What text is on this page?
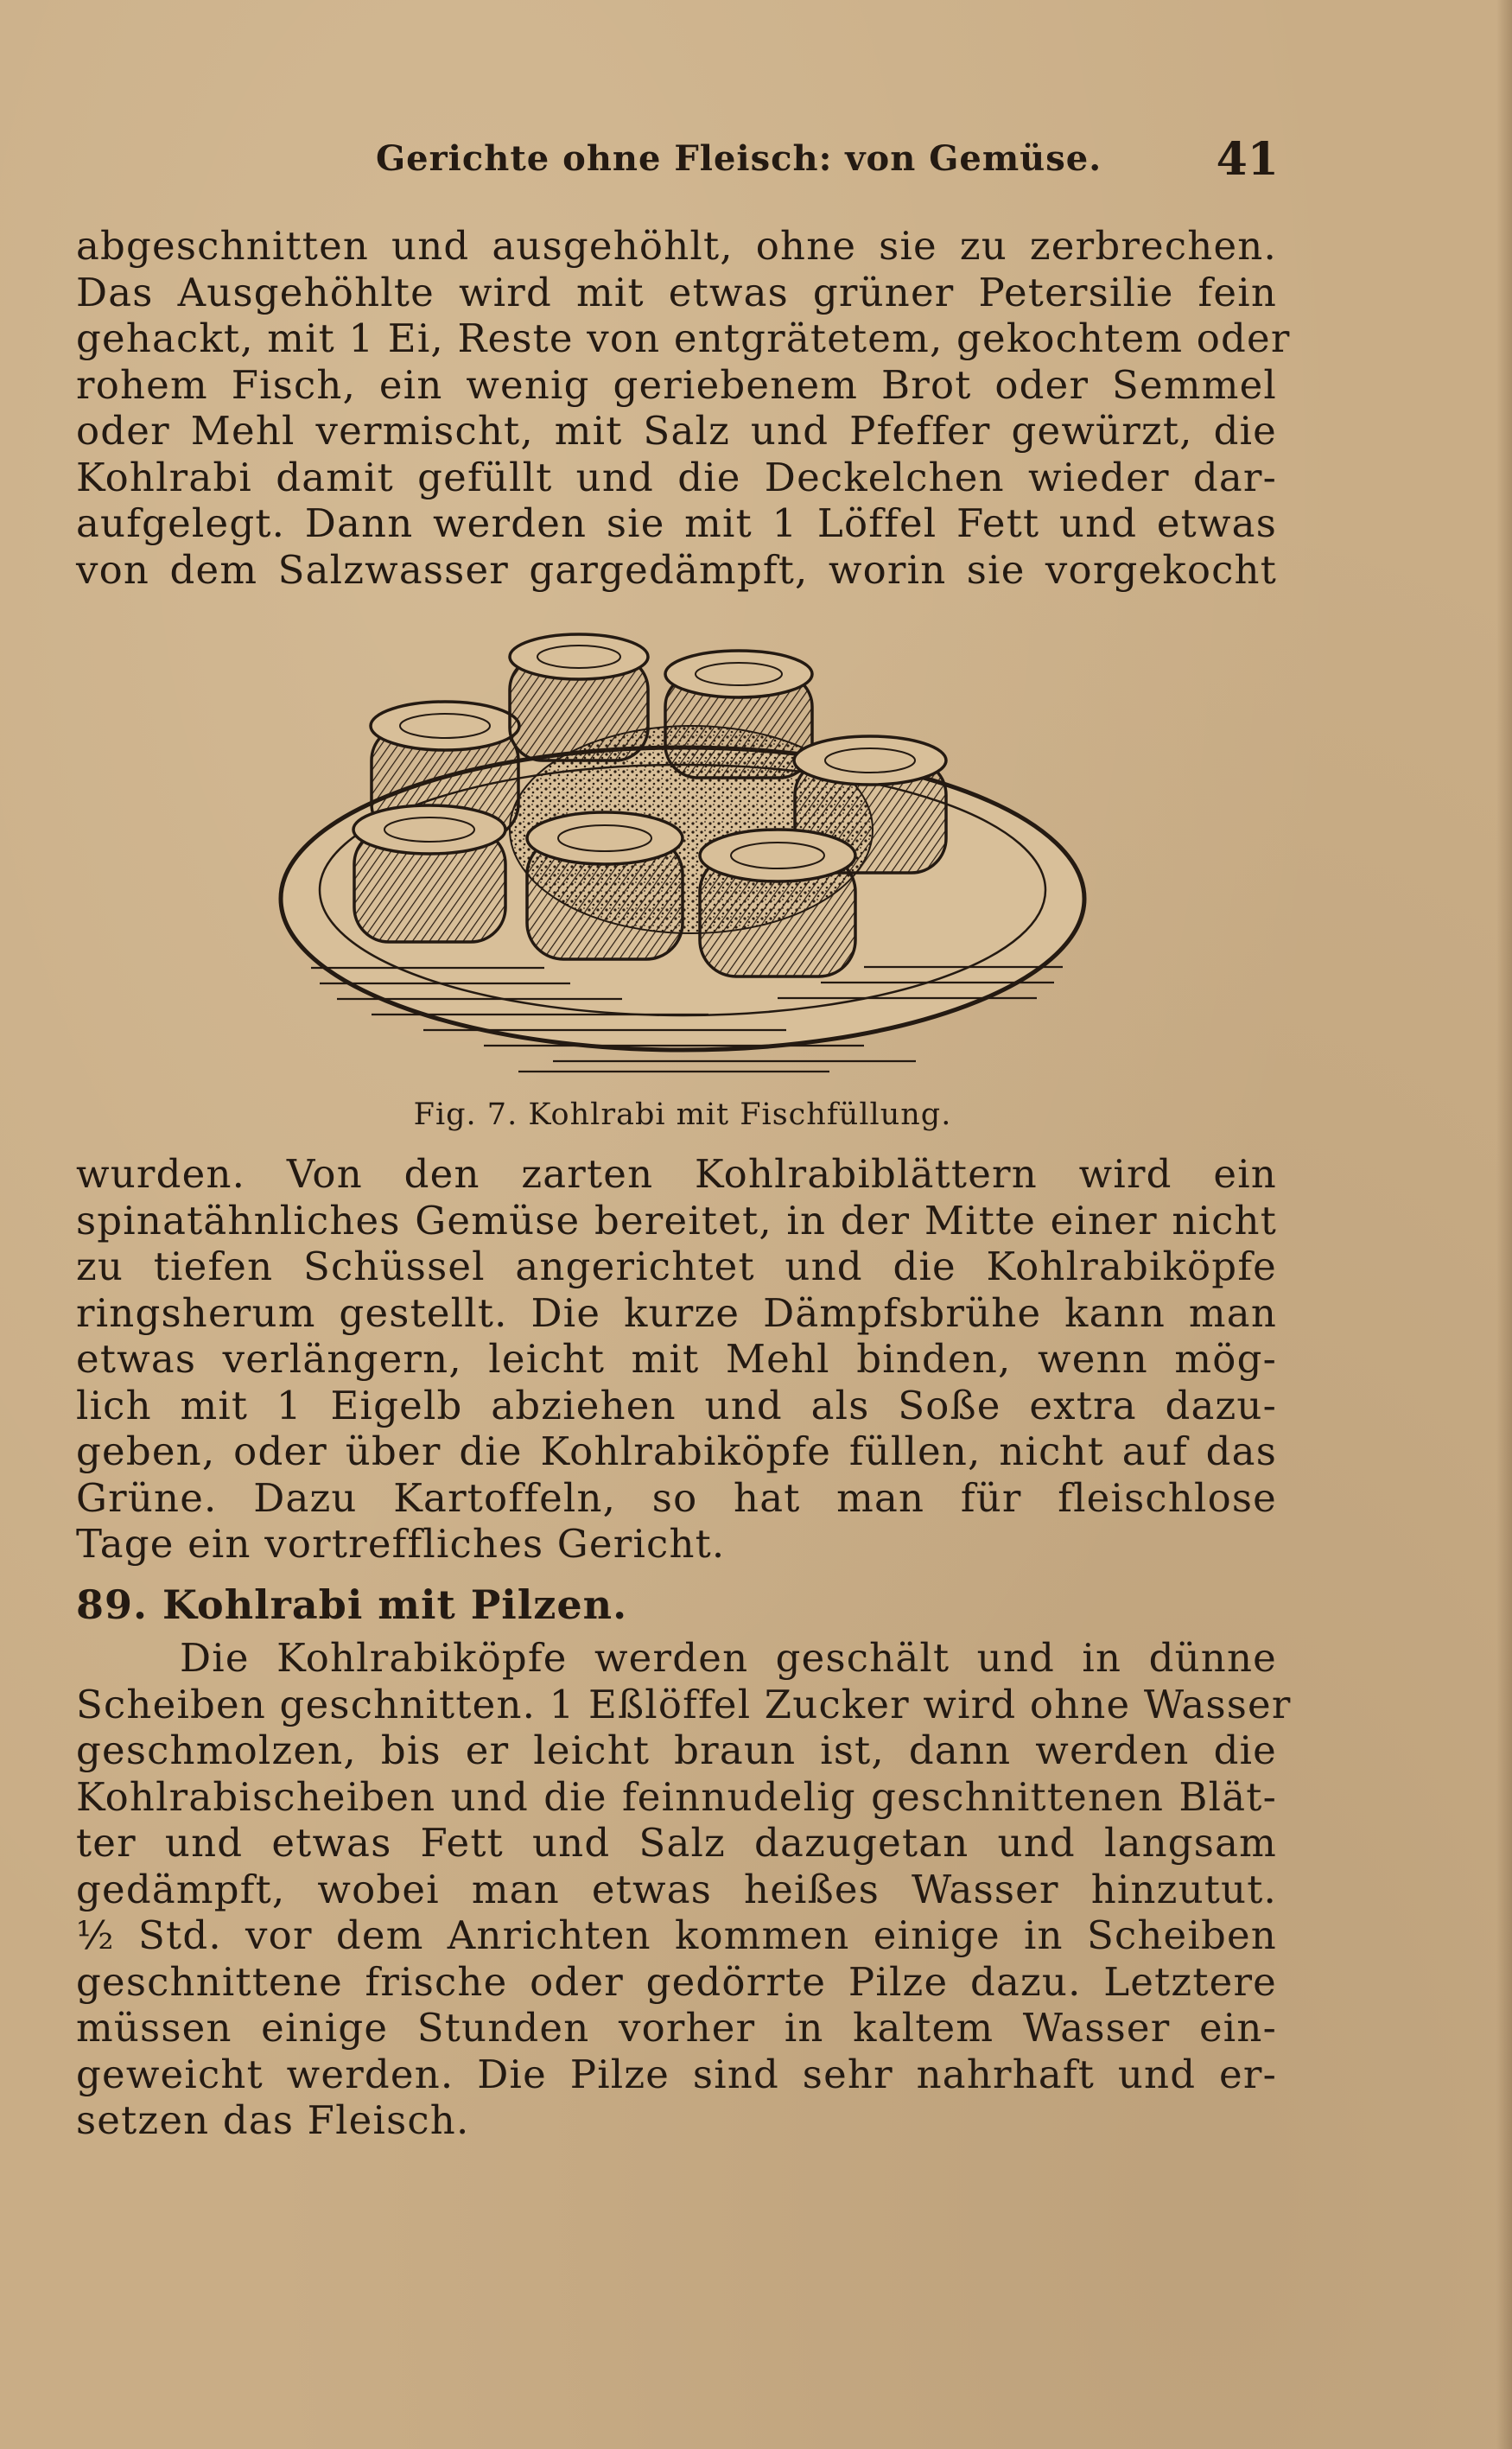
Gerichte ohne Fleisch: von Gemüse.	41
abgeschnitten und ausgehöhlt, ohne sie zu zerbrechen.
Das Ausgehöhlte wird mit etwas grüner Petersilie fein
gehackt, mit 1 Ei, Reste von entgrätetem, gekochtem oder
rohem Fisch, ein wenig geriebenem Brot oder Semmel
oder Mehl vermischt, mit Salz und Pfeffer gewürzt, die
Kohlrabi damit gefüllt und die Deckelchen wieder dar-
aufgelegt. Dann werden sie mit 1 Löffel Fett und etwas
von dem Salzwasser gargedämpft, worin sie vorgekocht
Fig. 7. Kohlrabi mit Fischfüllung.
wurden. Von den zarten Kohlrabiblättern wird ein
spinatähnliches Gemüse bereitet, in der Mitte einer nicht
zu tiefen Schüssel angerichtet und die Kohlrabiköpfe
ringsherum gestellt. Die kurze Dämpfsbrühe kann man
etwas verlängern, leicht mit Mehl binden, wenn mög-
lich mit 1 Eigelb abziehen und als Soße extra dazu-
geben, oder über die Kohlrabiköpfe füllen, nicht auf das
Grüne. Dazu Kartoffeln, so hat man für fleischlose
Tage ein vortreffliches Gericht.
89. Kohlrabi mit Pilzen.
Die Kohlrabiköpfe werden geschält und in dünne
Scheiben geschnitten. 1 Eßlöffel Zucker wird ohne Wasser
geschmolzen, bis er leicht braun ist, dann werden die
Kohlrabischeiben und die feinnudelig geschnittenen Blät-
ter und etwas Fett und Salz dazugetan und langsam
gedämpft, wobei man etwas heißes Wasser hinzutut.
½ Std. vor dem Anrichten kommen einige in Scheiben
geschnittene frische oder gedörrte Pilze dazu. Letztere
müssen einige Stunden vorher in kaltem Wasser ein-
geweicht werden. Die Pilze sind sehr nahrhaft und er-
setzen das Fleisch.
